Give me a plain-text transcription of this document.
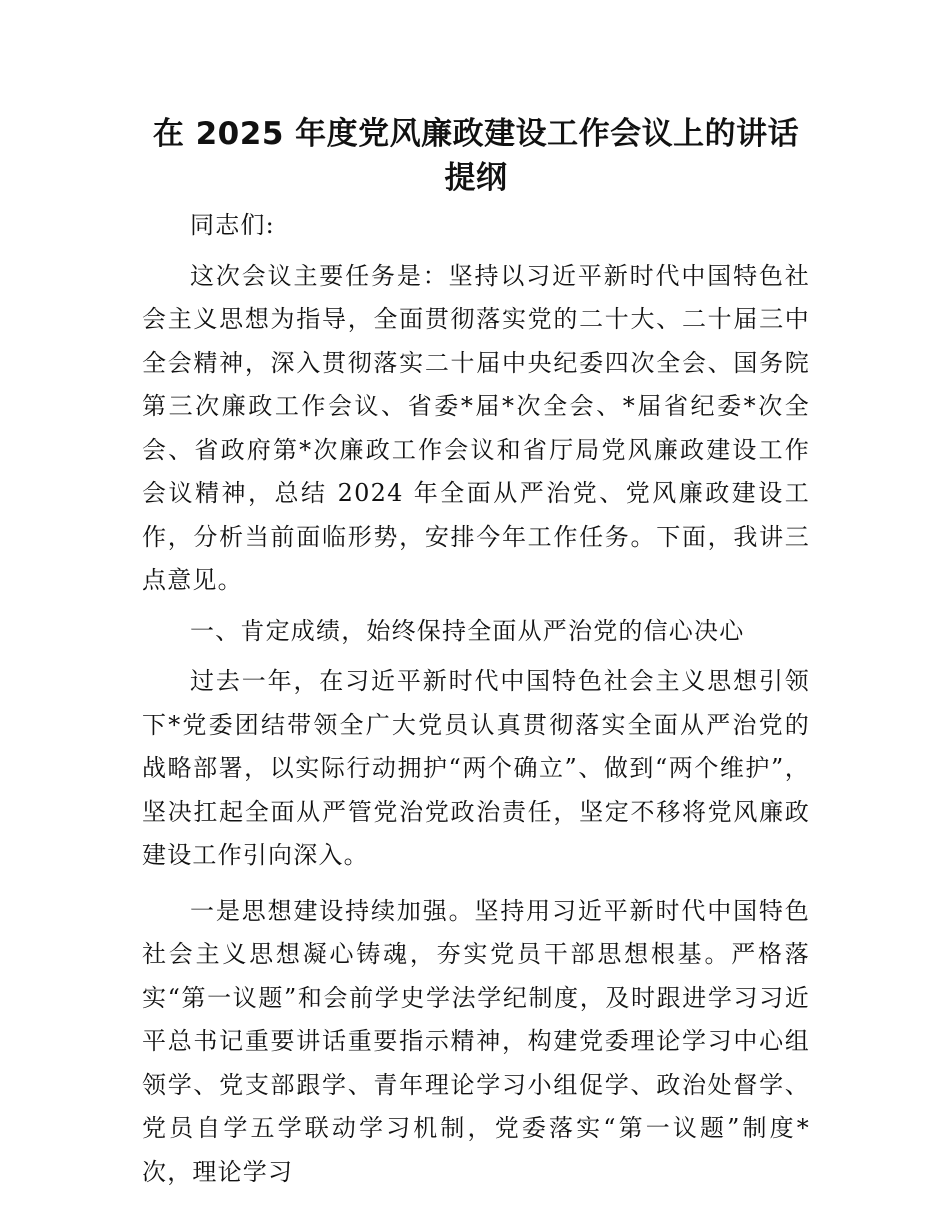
在 2025 年度党风廉政建设工作会议上的讲话提纲
同志们:
这次会议主要任务是：坚持以习近平新时代中国特色社会主义思想为指导，全面贯彻落实党的二十大、二十届三中全会精神，深入贯彻落实二十届中央纪委四次全会、国务院第三次廉政工作会议、省委*届*次全会、*届省纪委*次全会、省政府第*次廉政工作会议和省厅局党风廉政建设工作会议精神，总结 2024 年全面从严治党、党风廉政建设工作，分析当前面临形势，安排今年工作任务。下面，我讲三点意见。
一、肯定成绩，始终保持全面从严治党的信心决心
过去一年，在习近平新时代中国特色社会主义思想引领下*党委团结带领全广大党员认真贯彻落实全面从严治党的战略部署，以实际行动拥护“两个确立”、做到“两个维护”，坚决扛起全面从严管党治党政治责任，坚定不移将党风廉政建设工作引向深入。
一是思想建设持续加强。坚持用习近平新时代中国特色社会主义思想凝心铸魂，夯实党员干部思想根基。严格落实“第一议题”和会前学史学法学纪制度，及时跟进学习习近平总书记重要讲话重要指示精神，构建党委理论学习中心组领学、党支部跟学、青年理论学习小组促学、政治处督学、党员自学五学联动学习机制，党委落实“第一议题”制度*次，理论学习
